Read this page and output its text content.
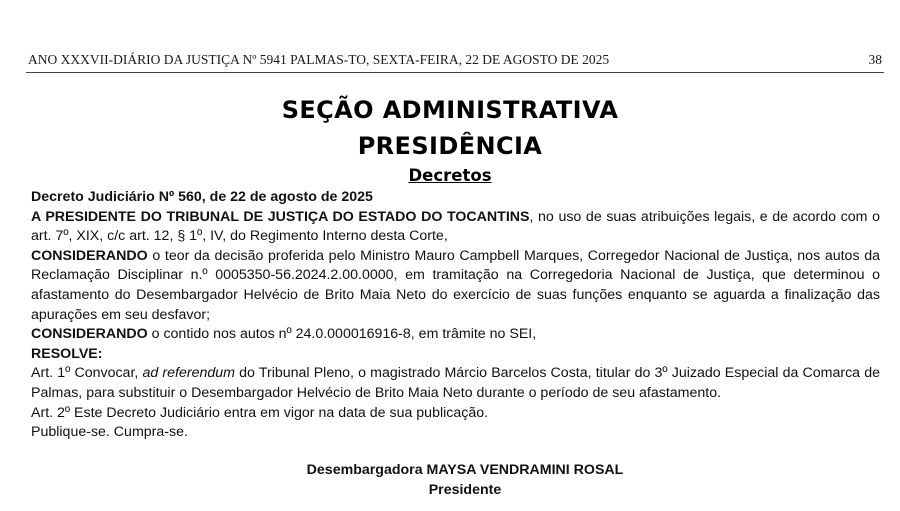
ANO XXXVII-DIÁRIO DA JUSTIÇA Nº 5941 PALMAS-TO, SEXTA-FEIRA, 22 DE AGOSTO DE 2025	38
SEÇÃO ADMINISTRATIVA
PRESIDÊNCIA
Decretos

Decreto Judiciário Nº 560, de 22 de agosto de 2025

A PRESIDENTE DO TRIBUNAL DE JUSTIÇA DO ESTADO DO TOCANTINS, no uso de suas atribuições legais, e de acordo com o art. 7º, XIX, c/c art. 12, § 1º, IV, do Regimento Interno desta Corte,

CONSIDERANDO o teor da decisão proferida pelo Ministro Mauro Campbell Marques, Corregedor Nacional de Justiça, nos autos da Reclamação Disciplinar n.º 0005350-56.2024.2.00.0000, em tramitação na Corregedoria Nacional de Justiça, que determinou o afastamento do Desembargador Helvécio de Brito Maia Neto do exercício de suas funções enquanto se aguarda a finalização das apurações em seu desfavor;

CONSIDERANDO o contido nos autos nº 24.0.000016916-8, em trâmite no SEI,

RESOLVE:

Art. 1º Convocar, ad referendum do Tribunal Pleno, o magistrado Márcio Barcelos Costa, titular do 3º Juizado Especial da Comarca de Palmas, para substituir o Desembargador Helvécio de Brito Maia Neto durante o período de seu afastamento.

Art. 2º Este Decreto Judiciário entra em vigor na data de sua publicação.

Publique-se. Cumpra-se.

Desembargadora MAYSA VENDRAMINI ROSAL
Presidente
